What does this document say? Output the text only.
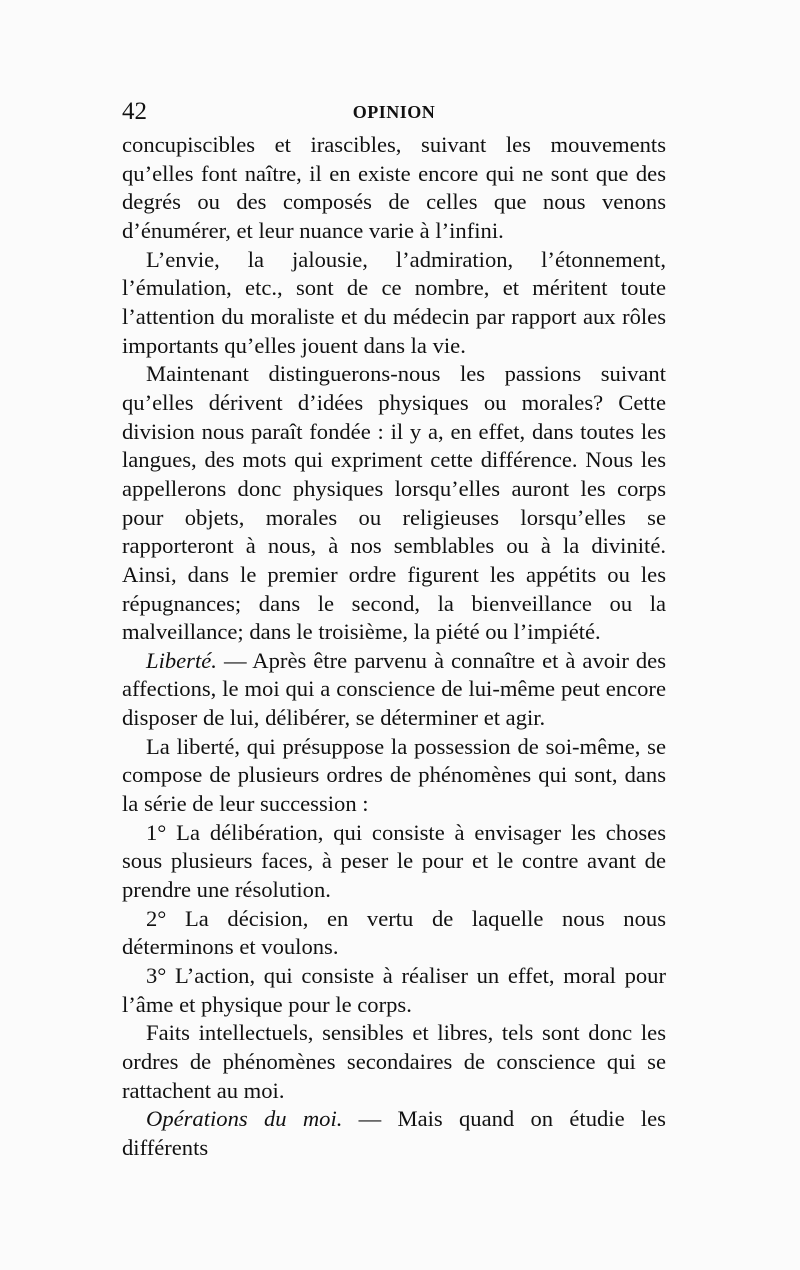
42	OPINION

concupiscibles et irascibles, suivant les mouvements qu’elles font naître, il en existe encore qui ne sont que des degrés ou des composés de celles que nous venons d’énumérer, et leur nuance varie à l’infini.

L’envie, la jalousie, l’admiration, l’étonnement, l’émulation, etc., sont de ce nombre, et méritent toute l’attention du moraliste et du médecin par rapport aux rôles importants qu’elles jouent dans la vie.

Maintenant distinguerons-nous les passions suivant qu’elles dérivent d’idées physiques ou morales? Cette division nous paraît fondée : il y a, en effet, dans toutes les langues, des mots qui expriment cette différence. Nous les appellerons donc physiques lorsqu’elles auront les corps pour objets, morales ou religieuses lorsqu’elles se rapporteront à nous, à nos semblables ou à la divinité. Ainsi, dans le premier ordre figurent les appétits ou les répugnances; dans le second, la bienveillance ou la malveillance; dans le troisième, la piété ou l’impiété.

Liberté. — Après être parvenu à connaître et à avoir des affections, le moi qui a conscience de lui-même peut encore disposer de lui, délibérer, se déterminer et agir.

La liberté, qui présuppose la possession de soi-même, se compose de plusieurs ordres de phénomènes qui sont, dans la série de leur succession :

1° La délibération, qui consiste à envisager les choses sous plusieurs faces, à peser le pour et le contre avant de prendre une résolution.

2° La décision, en vertu de laquelle nous nous déterminons et voulons.

3° L’action, qui consiste à réaliser un effet, moral pour l’âme et physique pour le corps.

Faits intellectuels, sensibles et libres, tels sont donc les ordres de phénomènes secondaires de conscience qui se rattachent au moi.

Opérations du moi. — Mais quand on étudie les différents
